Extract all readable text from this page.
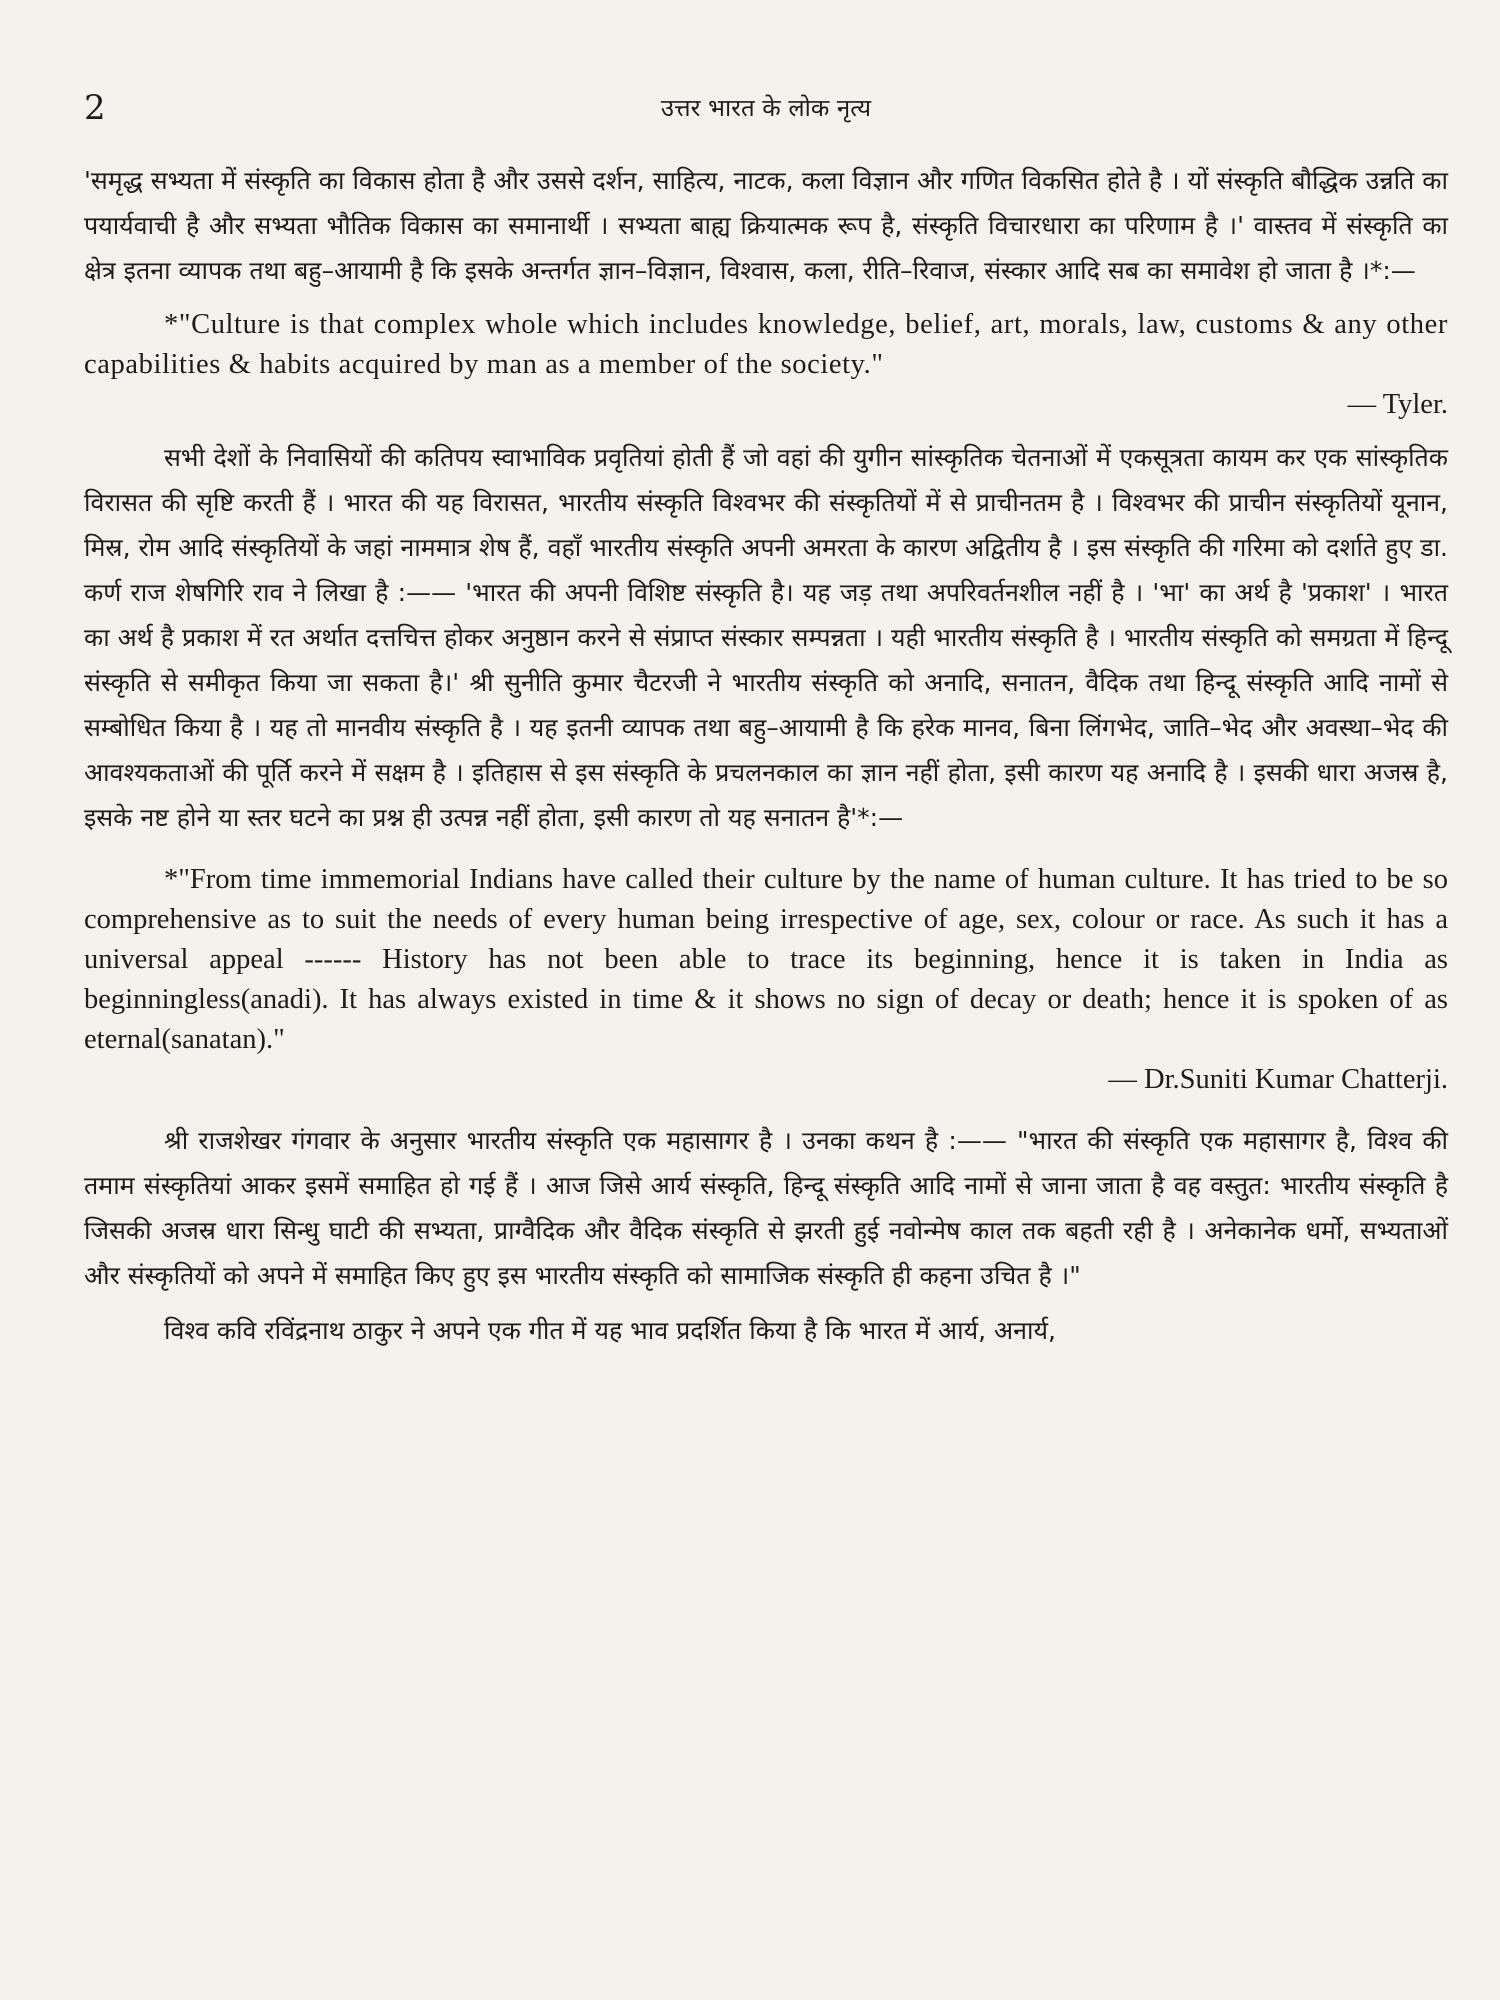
2	उत्तर भारत के लोक नृत्य

'समृद्ध सभ्यता में संस्कृति का विकास होता है और उससे दर्शन, साहित्य, नाटक, कला विज्ञान और गणित विकसित होते है । यों संस्कृति बौद्धिक उन्नति का पयार्यवाची है और सभ्यता भौतिक विकास का समानार्थी । सभ्यता बाह्य क्रियात्मक रूप है, संस्कृति विचारधारा का परिणाम है ।' वास्तव में संस्कृति का क्षेत्र इतना व्यापक तथा बहु–आयामी है कि इसके अन्तर्गत ज्ञान–विज्ञान, विश्वास, कला, रीति–रिवाज, संस्कार आदि सब का समावेश हो जाता है ।*:—

*"Culture is that complex whole which includes knowledge, belief, art, morals, law, customs & any other capabilities & habits acquired by man as a member of the society."

— Tyler.

सभी देशों के निवासियों की कतिपय स्वाभाविक प्रवृतियां होती हैं जो वहां की युगीन सांस्कृतिक चेतनाओं में एकसूत्रता कायम कर एक सांस्कृतिक विरासत की सृष्टि करती हैं । भारत की यह विरासत, भारतीय संस्कृति विश्वभर की संस्कृतियों में से प्राचीनतम है । विश्वभर की प्राचीन संस्कृतियों यूनान, मिस्र, रोम आदि संस्कृतियों के जहां नाममात्र शेष हैं, वहाँ भारतीय संस्कृति अपनी अमरता के कारण अद्वितीय है । इस संस्कृति की गरिमा को दर्शाते हुए डा. कर्ण राज शेषगिरि राव ने लिखा है :—— 'भारत की अपनी विशिष्ट संस्कृति है। यह जड़ तथा अपरिवर्तनशील नहीं है । 'भा' का अर्थ है 'प्रकाश' । भारत का अर्थ है प्रकाश में रत अर्थात दत्तचित्त होकर अनुष्ठान करने से संप्राप्त संस्कार सम्पन्नता । यही भारतीय संस्कृति है । भारतीय संस्कृति को समग्रता में हिन्दू संस्कृति से समीकृत किया जा सकता है।' श्री सुनीति कुमार चैटरजी ने भारतीय संस्कृति को अनादि, सनातन, वैदिक तथा हिन्दू संस्कृति आदि नामों से सम्बोधित किया है । यह तो मानवीय संस्कृति है । यह इतनी व्यापक तथा बहु–आयामी है कि हरेक मानव, बिना लिंगभेद, जाति–भेद और अवस्था–भेद की आवश्यकताओं की पूर्ति करने में सक्षम है । इतिहास से इस संस्कृति के प्रचलनकाल का ज्ञान नहीं होता, इसी कारण यह अनादि है । इसकी धारा अजस्र है, इसके नष्ट होने या स्तर घटने का प्रश्न ही उत्पन्न नहीं होता, इसी कारण तो यह सनातन है'*:—

*"From time immemorial Indians have called their culture by the name of human culture. It has tried to be so comprehensive as to suit the needs of every human being irrespective of age, sex, colour or race. As such it has a universal appeal ------ History has not been able to trace its beginning, hence it is taken in India as beginningless(anadi). It has always existed in time & it shows no sign of decay or death; hence it is spoken of as eternal(sanatan)."

— Dr.Suniti Kumar Chatterji.

श्री राजशेखर गंगवार के अनुसार भारतीय संस्कृति एक महासागर है । उनका कथन है :—— "भारत की संस्कृति एक महासागर है, विश्व की तमाम संस्कृतियां आकर इसमें समाहित हो गई हैं । आज जिसे आर्य संस्कृति, हिन्दू संस्कृति आदि नामों से जाना जाता है वह वस्तुत: भारतीय संस्कृति है जिसकी अजस्र धारा सिन्धु घाटी की सभ्यता, प्राग्वैदिक और वैदिक संस्कृति से झरती हुई नवोन्मेष काल तक बहती रही है । अनेकानेक धर्मो, सभ्यताओं और संस्कृतियों को अपने में समाहित किए हुए इस भारतीय संस्कृति को सामाजिक संस्कृति ही कहना उचित है ।"

विश्व कवि रविंद्रनाथ ठाकुर ने अपने एक गीत में यह भाव प्रदर्शित किया है कि भारत में आर्य, अनार्य,
